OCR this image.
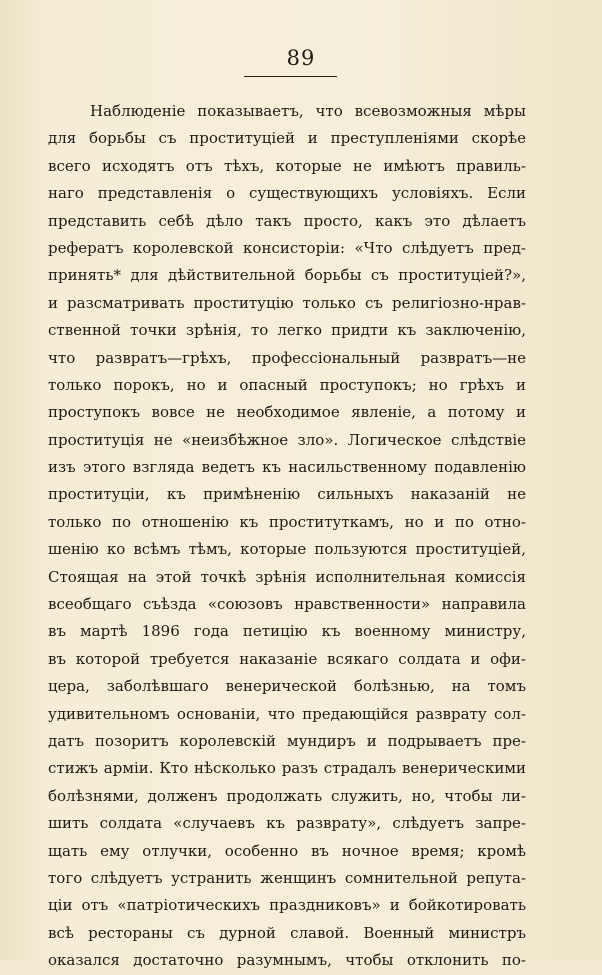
89
Наблюденіе показываетъ, что всевозможныя мѣры
для борьбы съ проституціей и преступленіями скорѣе
всего исходятъ отъ тѣхъ, которые не имѣютъ правиль-
наго представленія о существующихъ условіяхъ. Если
представить себѣ дѣло такъ просто, какъ это дѣлаетъ
рефератъ королевской консисторіи: «Что слѣдуетъ пред-
принять* для дѣйствительной борьбы съ проституціей?»,
и разсматривать проституцію только съ религіозно-нрав-
ственной точки зрѣнія, то легко придти къ заключенію,
что развратъ—грѣхъ, профессіональный развратъ—не
только порокъ, но и опасный проступокъ; но грѣхъ и
проступокъ вовсе не необходимое явленіе, а потому и
проституція не «неизбѣжное зло». Логическое слѣдствіе
изъ этого взгляда ведетъ къ насильственному подавленію
проституціи, къ примѣненію сильныхъ наказаній не
только по отношенію къ проституткамъ, но и по отно-
шенію ко всѣмъ тѣмъ, которые пользуются проституціей,
Стоящая на этой точкѣ зрѣнія исполнительная комиссія
всеобщаго съѣзда «союзовъ нравственности» направила
въ мартѣ 1896 года петицію къ военному министру,
въ которой требуется наказаніе всякаго солдата и офи-
цера, заболѣвшаго венерической болѣзнью, на томъ
удивительномъ основаніи, что предающійся разврату сол-
датъ позоритъ королевскій мундиръ и подрываетъ пре-
стижъ арміи. Кто нѣсколько разъ страдалъ венерическими
болѣзнями, долженъ продолжать служить, но, чтобы ли-
шить солдата «случаевъ къ разврату», слѣдуетъ запре-
щать ему отлучки, особенно въ ночное время; кромѣ
того слѣдуетъ устранить женщинъ сомнительной репута-
ціи отъ «патріотическихъ праздниковъ» и бойкотировать
всѣ рестораны съ дурной славой. Военный министръ
оказался достаточно разумнымъ, чтобы отклонить по-
